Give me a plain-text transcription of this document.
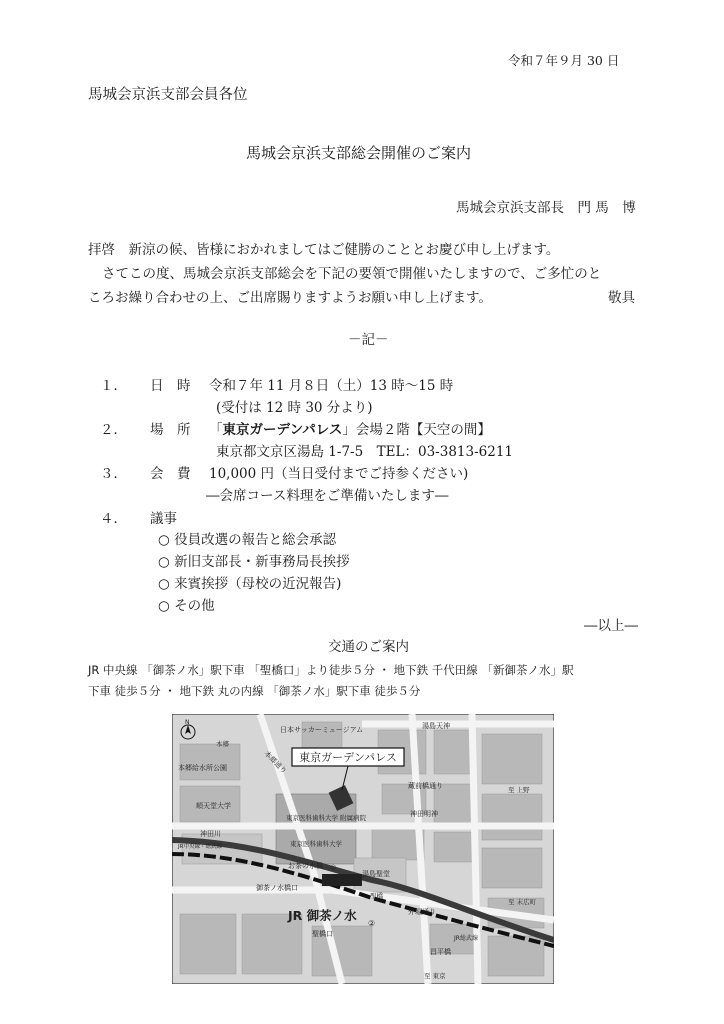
令和７年９月 30 日
馬城会京浜支部会員各位
馬城会京浜支部総会開催のご案内
馬城会京浜支部長　門 馬　博
拝啓　新涼の候、皆様におかれましてはご健勝のこととお慶び申し上げます。
さてこの度、馬城会京浜支部総会を下記の要領で開催いたしますので、ご多忙のと
ころお繰り合わせの上、ご出席賜りますようお願い申し上げます。	敬具
－記－
１． 日　時 令和７年 11 月８日（土）13 時～15 時
(受付は 12 時 30 分より)
２． 場　所 「東京ガーデンパレス」会場２階【天空の間】
東京都文京区湯島 1-7-5　TEL：03-3813-6211
３． 会　費 10,000 円（当日受付までご持参ください)
―会席コース料理をご準備いたします―
４． 議事
○ 役員改選の報告と総会承認
○ 新旧支部長・新事務局長挨拶
○ 来賓挨拶（母校の近況報告)
○ その他
―以上―
交通のご案内
JR 中央線 「御茶ノ水」駅下車 「聖橋口」より徒歩５分 ・ 地下鉄 千代田線 「新御茶ノ水」駅
下車 徒歩５分 ・ 地下鉄 丸の内線 「御茶ノ水」駅下車 徒歩５分
東京ガーデンパレス
JR 御茶ノ水
N
日本サッカーミュージアム	湯島天神
本郷給水所公園	本郷通り
順天堂大学
蔵前橋通り
東京医科歯科大学 附属病院
東京医科歯科大学
神田明神
神田川
JR中央線・総武線
湯島聖堂
お茶の水橋
御茶ノ水橋口
聖橋
聖橋口
外堀通り
JR総武線
昌平橋
至 東京
至 上野
至 末広町
本郷
①
②
